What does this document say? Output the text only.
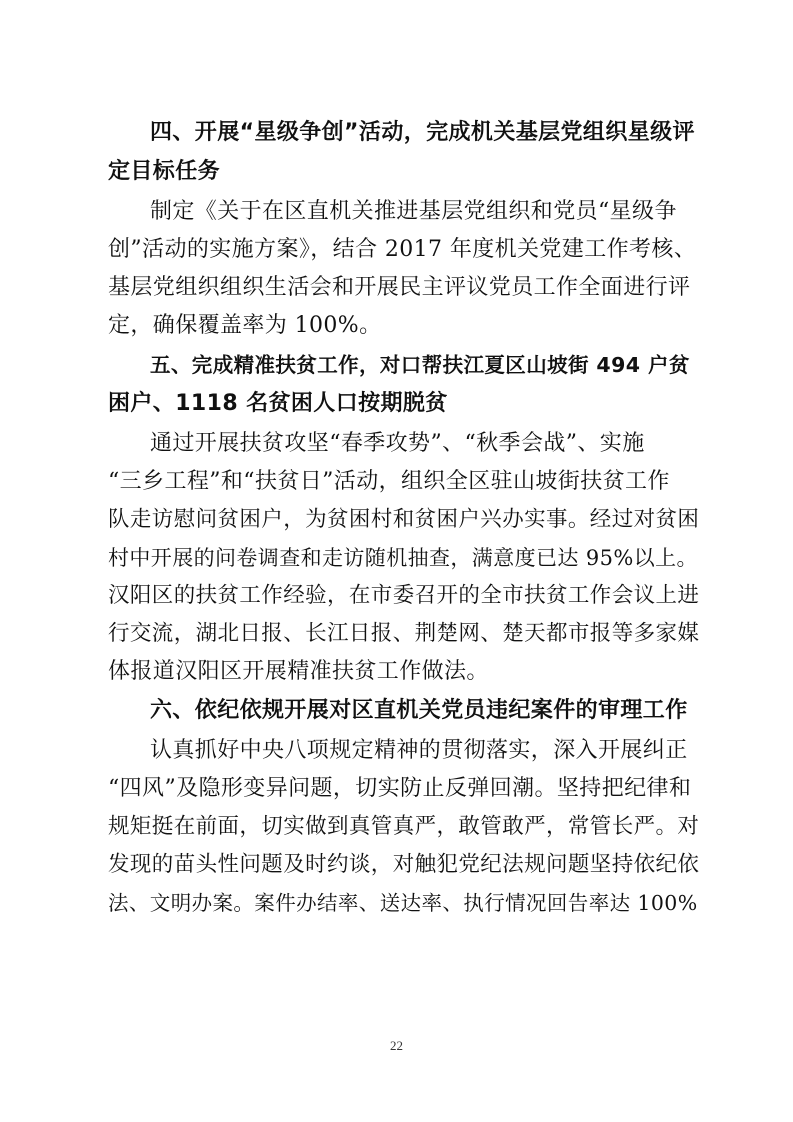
四、开展“星级争创”活动，完成机关基层党组织星级评
定目标任务
制定《关于在区直机关推进基层党组织和党员“星级争
创”活动的实施方案》，结合 2017 年度机关党建工作考核、
基层党组织组织生活会和开展民主评议党员工作全面进行评
定，确保覆盖率为 100%。
五、完成精准扶贫工作，对口帮扶江夏区山坡街 494 户贫
困户、1118 名贫困人口按期脱贫
通过开展扶贫攻坚“春季攻势”、“秋季会战”、实施
“三乡工程”和“扶贫日”活动，组织全区驻山坡街扶贫工作
队走访慰问贫困户，为贫困村和贫困户兴办实事。经过对贫困
村中开展的问卷调查和走访随机抽查，满意度已达 95%以上。
汉阳区的扶贫工作经验，在市委召开的全市扶贫工作会议上进
行交流，湖北日报、长江日报、荆楚网、楚天都市报等多家媒
体报道汉阳区开展精准扶贫工作做法。
六、依纪依规开展对区直机关党员违纪案件的审理工作
认真抓好中央八项规定精神的贯彻落实，深入开展纠正
“四风”及隐形变异问题，切实防止反弹回潮。坚持把纪律和
规矩挺在前面，切实做到真管真严，敢管敢严，常管长严。对
发现的苗头性问题及时约谈，对触犯党纪法规问题坚持依纪依
法、文明办案。案件办结率、送达率、执行情况回告率达 100%
22
